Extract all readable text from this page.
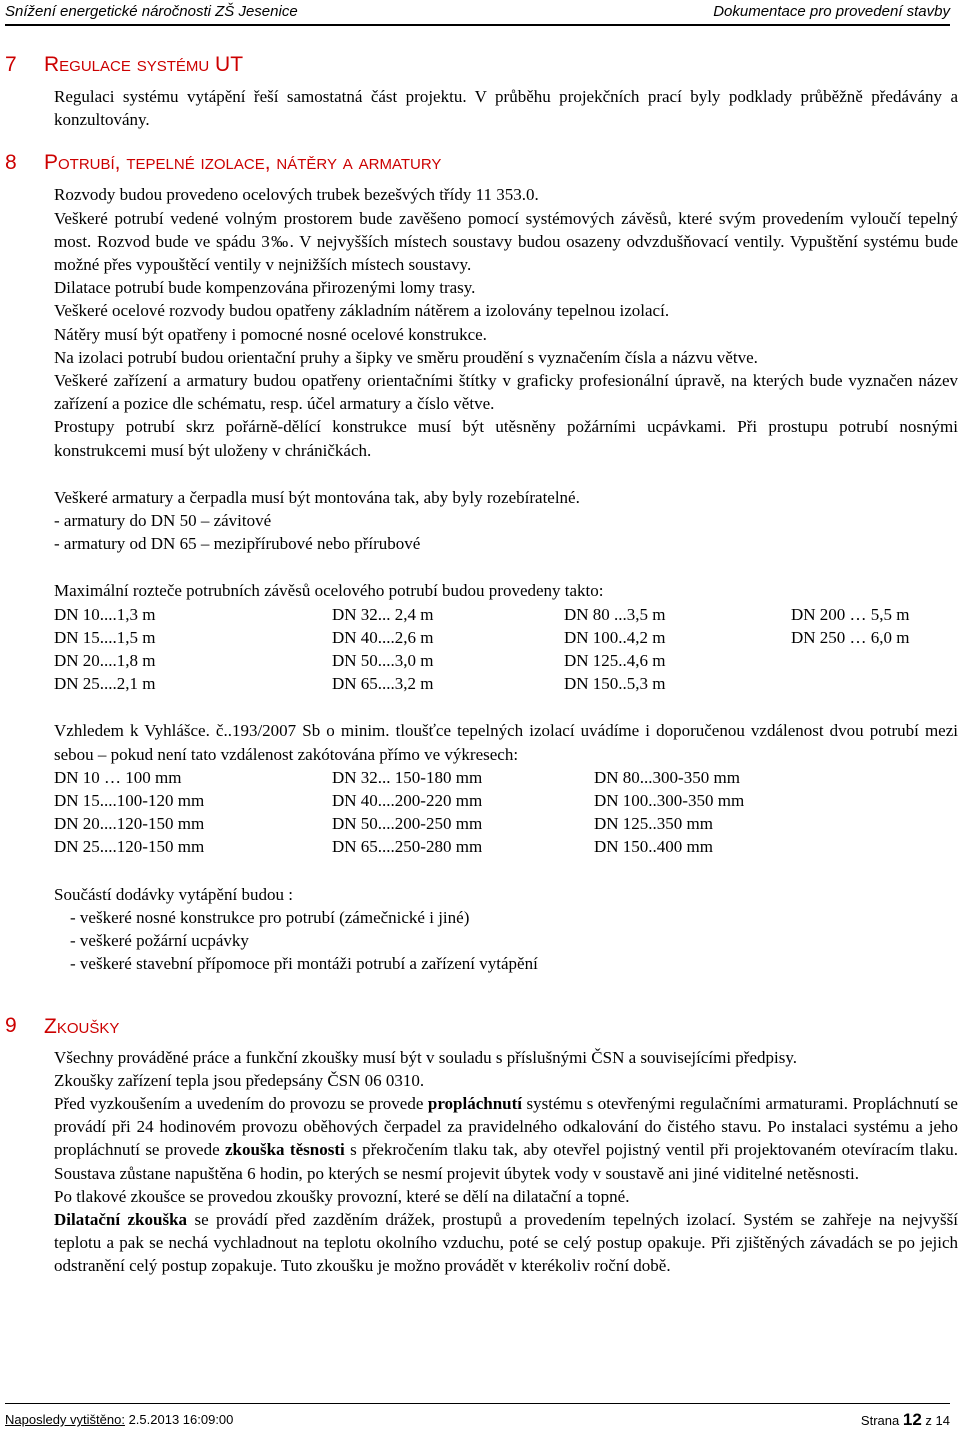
Snížení energetické náročnosti ZŠ Jesenice	Dokumentace pro provedení stavby
7 Regulace systému UT

Regulaci systému vytápění řeší samostatná část projektu. V průběhu projekčních prací byly podklady průběžně předávány a konzultovány.

8 Potrubí, tepelné izolace, nátěry a armatury

Rozvody budou provedeno ocelových trubek bezešvých třídy 11 353.0.

Veškeré potrubí vedené volným prostorem bude zavěšeno pomocí systémových závěsů, které svým provedením vyloučí tepelný most. Rozvod bude ve spádu 3‰. V nejvyšších místech soustavy budou osazeny odvzdušňovací ventily. Vypuštění systému bude možné přes vypouštěcí ventily v nejnižších místech soustavy.

Dilatace potrubí bude kompenzována přirozenými lomy trasy.

Veškeré ocelové rozvody budou opatřeny základním nátěrem a izolovány tepelnou izolací.

Nátěry musí být opatřeny i pomocné nosné ocelové konstrukce.

Na izolaci potrubí budou orientační pruhy a šipky ve směru proudění s vyznačením čísla a názvu větve.

Veškeré zařízení a armatury budou opatřeny orientačními štítky v graficky profesionální úpravě, na kterých bude vyznačen název zařízení a pozice dle schématu, resp. účel armatury a číslo větve.

Prostupy potrubí skrz pořárně-dělící konstrukce musí být utěsněny požárními ucpávkami. Při prostupu potrubí nosnými konstrukcemi musí být uloženy v chráničkách.

Veškeré armatury a čerpadla musí být montována tak, aby byly rozebíratelné.

- armatury do DN 50 – závitové

- armatury od DN 65 – mezipřírubové nebo přírubové

Maximální rozteče potrubních závěsů ocelového potrubí budou provedeny takto:

DN 10....1,3 m	DN 32... 2,4 m	DN 80 ...3,5 m	DN 200 … 5,5 m
DN 15....1,5 m	DN 40....2,6 m	DN 100..4,2 m	DN 250 … 6,0 m
DN 20....1,8 m	DN 50....3,0 m	DN 125..4,6 m
DN 25....2,1 m	DN 65....3,2 m	DN 150..5,3 m

Vzhledem k Vyhlášce. č..193/2007 Sb o minim. tloušťce tepelných izolací uvádíme i doporučenou vzdálenost dvou potrubí mezi sebou – pokud není tato vzdálenost zakótována přímo ve výkresech:

DN 10 … 100 mm	DN 32... 150-180 mm	DN 80...300-350 mm
DN 15....100-120 mm	DN 40....200-220 mm	DN 100..300-350 mm
DN 20....120-150 mm	DN 50....200-250 mm	DN 125..350 mm
DN 25....120-150 mm	DN 65....250-280 mm	DN 150..400 mm

Součástí dodávky vytápění budou :

- veškeré nosné konstrukce pro potrubí (zámečnické i jiné)

- veškeré požární ucpávky

- veškeré stavební přípomoce při montáži potrubí a zařízení vytápění

9 Zkoušky

Všechny prováděné práce a funkční zkoušky musí být v souladu s příslušnými ČSN a souvisejícími předpisy.

Zkoušky zařízení tepla jsou předepsány ČSN 06 0310.

Před vyzkoušením a uvedením do provozu se provede propláchnutí systému s otevřenými regulačními armaturami. Propláchnutí se provádí při 24 hodinovém provozu oběhových čerpadel za pravidelného odkalování do čistého stavu. Po instalaci systému a jeho propláchnutí se provede zkouška těsnosti s překročením tlaku tak, aby otevřel pojistný ventil při projektovaném otevíracím tlaku. Soustava zůstane napuštěna 6 hodin, po kterých se nesmí projevit úbytek vody v soustavě ani jiné viditelné netěsnosti.

Po tlakové zkoušce se provedou zkoušky provozní, které se dělí na dilatační a topné.

Dilatační zkouška se provádí před zazděním drážek, prostupů a provedením tepelných izolací. Systém se zahřeje na nejvyšší teplotu a pak se nechá vychladnout na teplotu okolního vzduchu, poté se celý postup opakuje. Při zjištěných závadách se po jejich odstranění celý postup zopakuje. Tuto zkoušku je možno provádět v kterékoliv roční době.

Naposledy vytištěno: 2.5.2013 16:09:00	Strana 12 z 14
